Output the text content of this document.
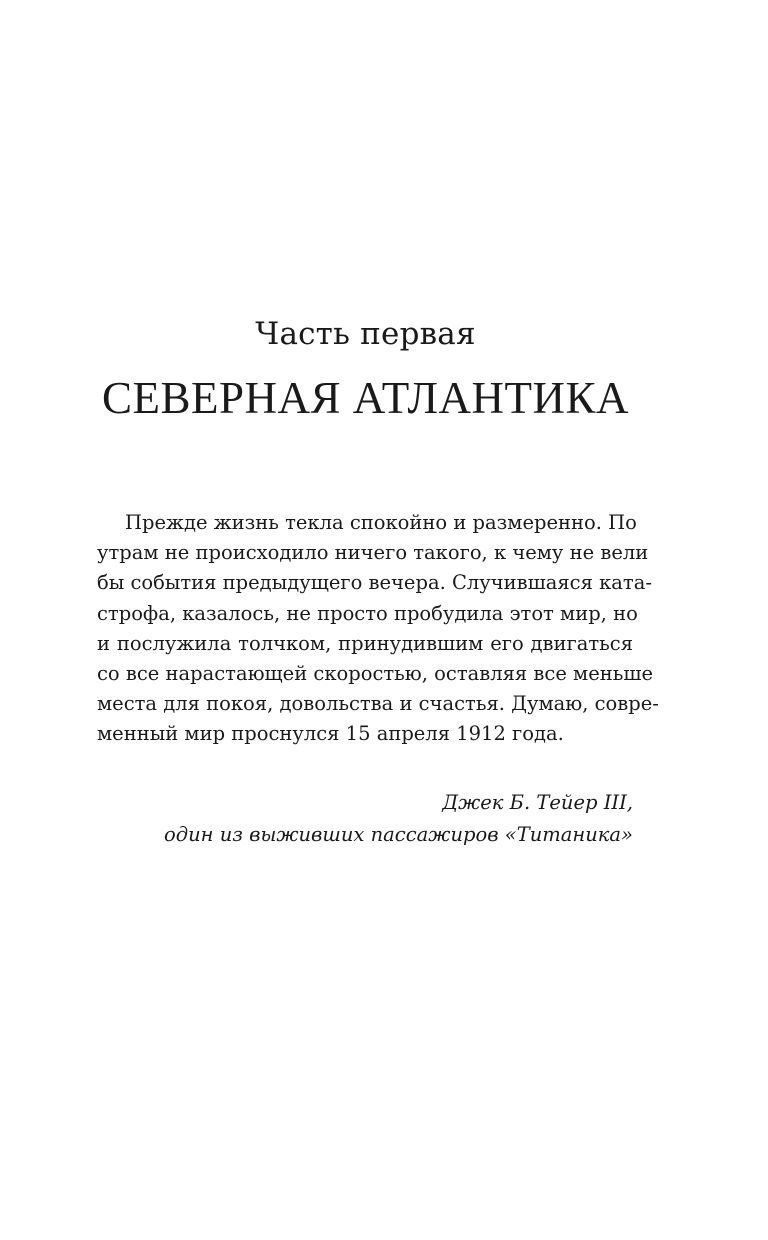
Часть первая
СЕВЕРНАЯ АТЛАНТИКА
Прежде жизнь текла спокойно и размеренно. По
утрам не происходило ничего такого, к чему не вели
бы события предыдущего вечера. Случившаяся ката-
строфа, казалось, не просто пробудила этот мир, но
и послужила толчком, принудившим его двигаться
со все нарастающей скоростью, оставляя все меньше
места для покоя, довольства и счастья. Думаю, совре-
менный мир проснулся 15 апреля 1912 года.
Джек Б. Тейер III,
один из выживших пассажиров «Титаника»
